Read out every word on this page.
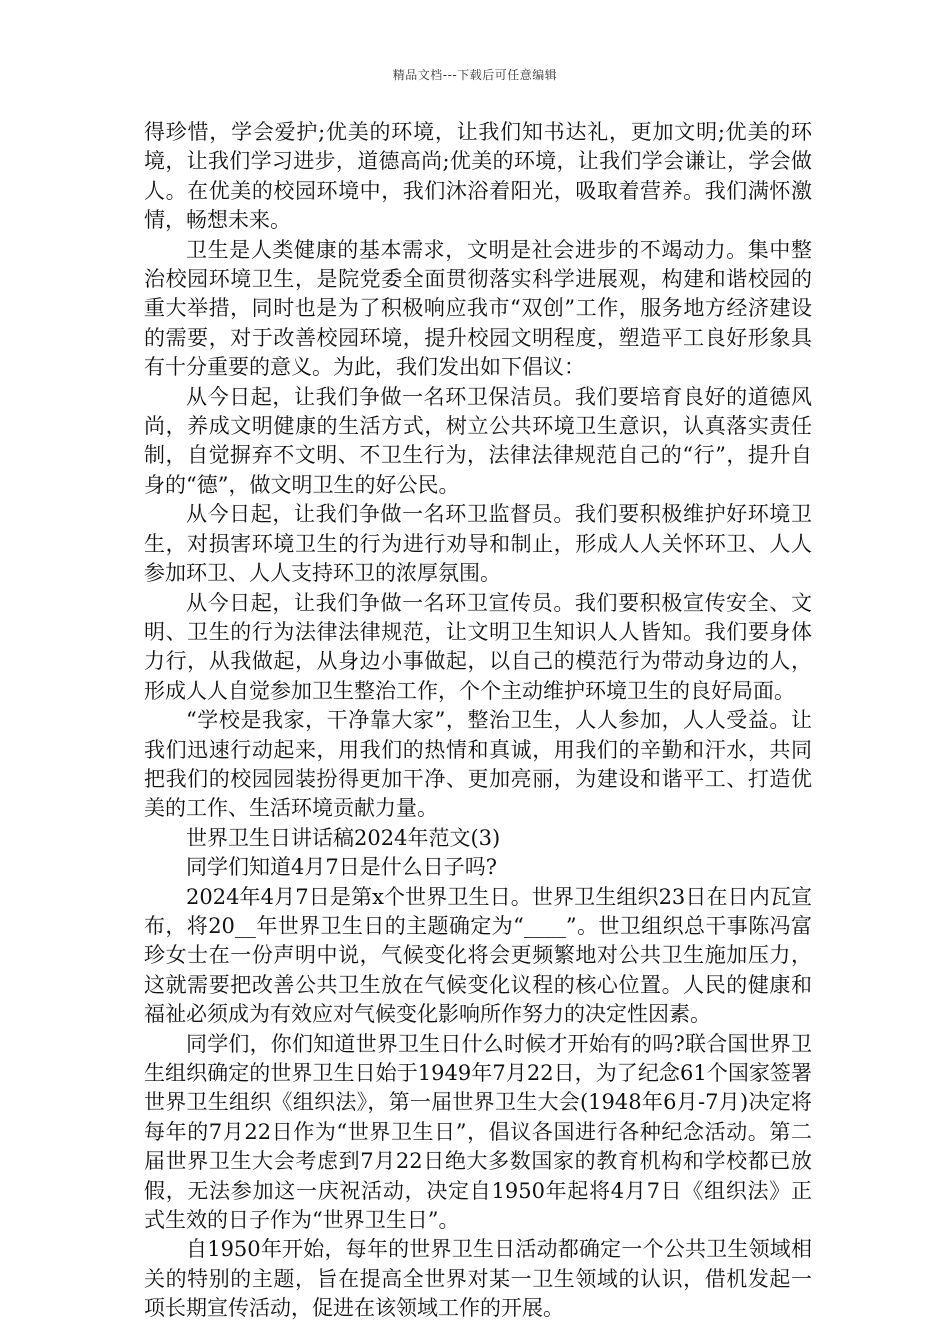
精品文档---下载后可任意编辑

得珍惜，学会爱护;优美的环境，让我们知书达礼，更加文明;优美的环境，让我们学习进步，道德高尚;优美的环境，让我们学会谦让，学会做人。在优美的校园环境中，我们沐浴着阳光，吸取着营养。我们满怀激情，畅想未来。

卫生是人类健康的基本需求，文明是社会进步的不竭动力。集中整治校园环境卫生，是院党委全面贯彻落实科学进展观，构建和谐校园的重大举措，同时也是为了积极响应我市“双创”工作，服务地方经济建设的需要，对于改善校园环境，提升校园文明程度，塑造平工良好形象具有十分重要的意义。为此，我们发出如下倡议：

从今日起，让我们争做一名环卫保洁员。我们要培育良好的道德风尚，养成文明健康的生活方式，树立公共环境卫生意识，认真落实责任制，自觉摒弃不文明、不卫生行为，法律法律规范自己的“行”，提升自身的“德”，做文明卫生的好公民。

从今日起，让我们争做一名环卫监督员。我们要积极维护好环境卫生，对损害环境卫生的行为进行劝导和制止，形成人人关怀环卫、人人参加环卫、人人支持环卫的浓厚氛围。

从今日起，让我们争做一名环卫宣传员。我们要积极宣传安全、文明、卫生的行为法律法律规范，让文明卫生知识人人皆知。我们要身体力行，从我做起，从身边小事做起，以自己的模范行为带动身边的人，形成人人自觉参加卫生整治工作，个个主动维护环境卫生的良好局面。

“学校是我家，干净靠大家”，整治卫生，人人参加，人人受益。让我们迅速行动起来，用我们的热情和真诚，用我们的辛勤和汗水，共同把我们的校园园装扮得更加干净、更加亮丽，为建设和谐平工、打造优美的工作、生活环境贡献力量。

世界卫生日讲话稿2024年范文(3)

同学们知道4月7日是什么日子吗?

2024年4月7日是第x个世界卫生日。世界卫生组织23日在日内瓦宣布，将20__年世界卫生日的主题确定为“____”。世卫组织总干事陈冯富珍女士在一份声明中说，气候变化将会更频繁地对公共卫生施加压力，这就需要把改善公共卫生放在气候变化议程的核心位置。人民的健康和福祉必须成为有效应对气候变化影响所作努力的决定性因素。

同学们，你们知道世界卫生日什么时候才开始有的吗?联合国世界卫生组织确定的世界卫生日始于1949年7月22日，为了纪念61个国家签署世界卫生组织《组织法》，第一届世界卫生大会(1948年6月-7月)决定将每年的7月22日作为“世界卫生日”，倡议各国进行各种纪念活动。第二届世界卫生大会考虑到7月22日绝大多数国家的教育机构和学校都已放假，无法参加这一庆祝活动，决定自1950年起将4月7日《组织法》正式生效的日子作为“世界卫生日”。

自1950年开始，每年的世界卫生日活动都确定一个公共卫生领域相关的特别的主题，旨在提高全世界对某一卫生领域的认识，借机发起一项长期宣传活动，促进在该领域工作的开展。
